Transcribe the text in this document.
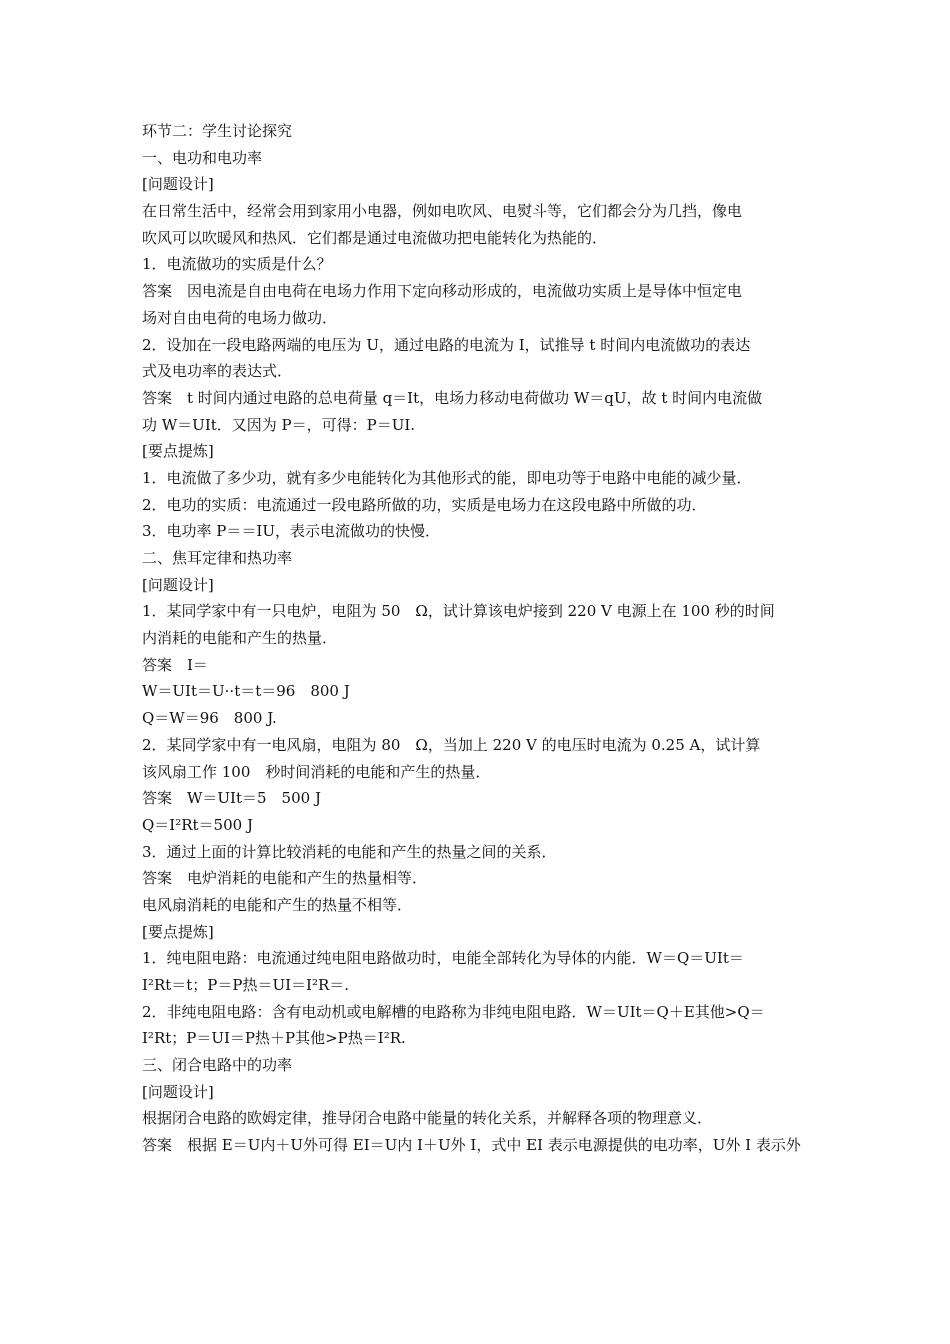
环节二：学生讨论探究
一、电功和电功率
[问题设计]
在日常生活中，经常会用到家用小电器，例如电吹风、电熨斗等，它们都会分为几挡，像电
吹风可以吹暖风和热风．它们都是通过电流做功把电能转化为热能的．
1．电流做功的实质是什么？
答案　因电流是自由电荷在电场力作用下定向移动形成的，电流做功实质上是导体中恒定电
场对自由电荷的电场力做功．
2．设加在一段电路两端的电压为 U，通过电路的电流为 I，试推导 t 时间内电流做功的表达
式及电功率的表达式．
答案　t 时间内通过电路的总电荷量 q＝It，电场力移动电荷做功 W＝qU，故 t 时间内电流做
功 W＝UIt．又因为 P＝，可得：P＝UI.
[要点提炼]
1．电流做了多少功，就有多少电能转化为其他形式的能，即电功等于电路中电能的减少量．
2．电功的实质：电流通过一段电路所做的功，实质是电场力在这段电路中所做的功．
3．电功率 P＝＝IU，表示电流做功的快慢．
二、焦耳定律和热功率
[问题设计]
1．某同学家中有一只电炉，电阻为 50　Ω，试计算该电炉接到 220 V 电源上在 100 秒的时间
内消耗的电能和产生的热量．
答案　I＝
W＝UIt＝U··t＝t＝96　800 J
Q＝W＝96　800 J.
2．某同学家中有一电风扇，电阻为 80　Ω，当加上 220 V 的电压时电流为 0.25 A，试计算
该风扇工作 100　秒时间消耗的电能和产生的热量．
答案　W＝UIt＝5　500 J
Q＝I²Rt＝500 J
3．通过上面的计算比较消耗的电能和产生的热量之间的关系．
答案　电炉消耗的电能和产生的热量相等．
电风扇消耗的电能和产生的热量不相等．
[要点提炼]
1．纯电阻电路：电流通过纯电阻电路做功时，电能全部转化为导体的内能．W＝Q＝UIt＝
I²Rt＝t；P＝P热＝UI＝I²R＝.
2．非纯电阻电路：含有电动机或电解槽的电路称为非纯电阻电路．W＝UIt＝Q＋E其他>Q＝
I²Rt；P＝UI＝P热＋P其他>P热＝I²R.
三、闭合电路中的功率
[问题设计]
根据闭合电路的欧姆定律，推导闭合电路中能量的转化关系，并解释各项的物理意义．
答案　根据 E＝U内＋U外可得 EI＝U内 I＋U外 I，式中 EI 表示电源提供的电功率，U外 I 表示外
